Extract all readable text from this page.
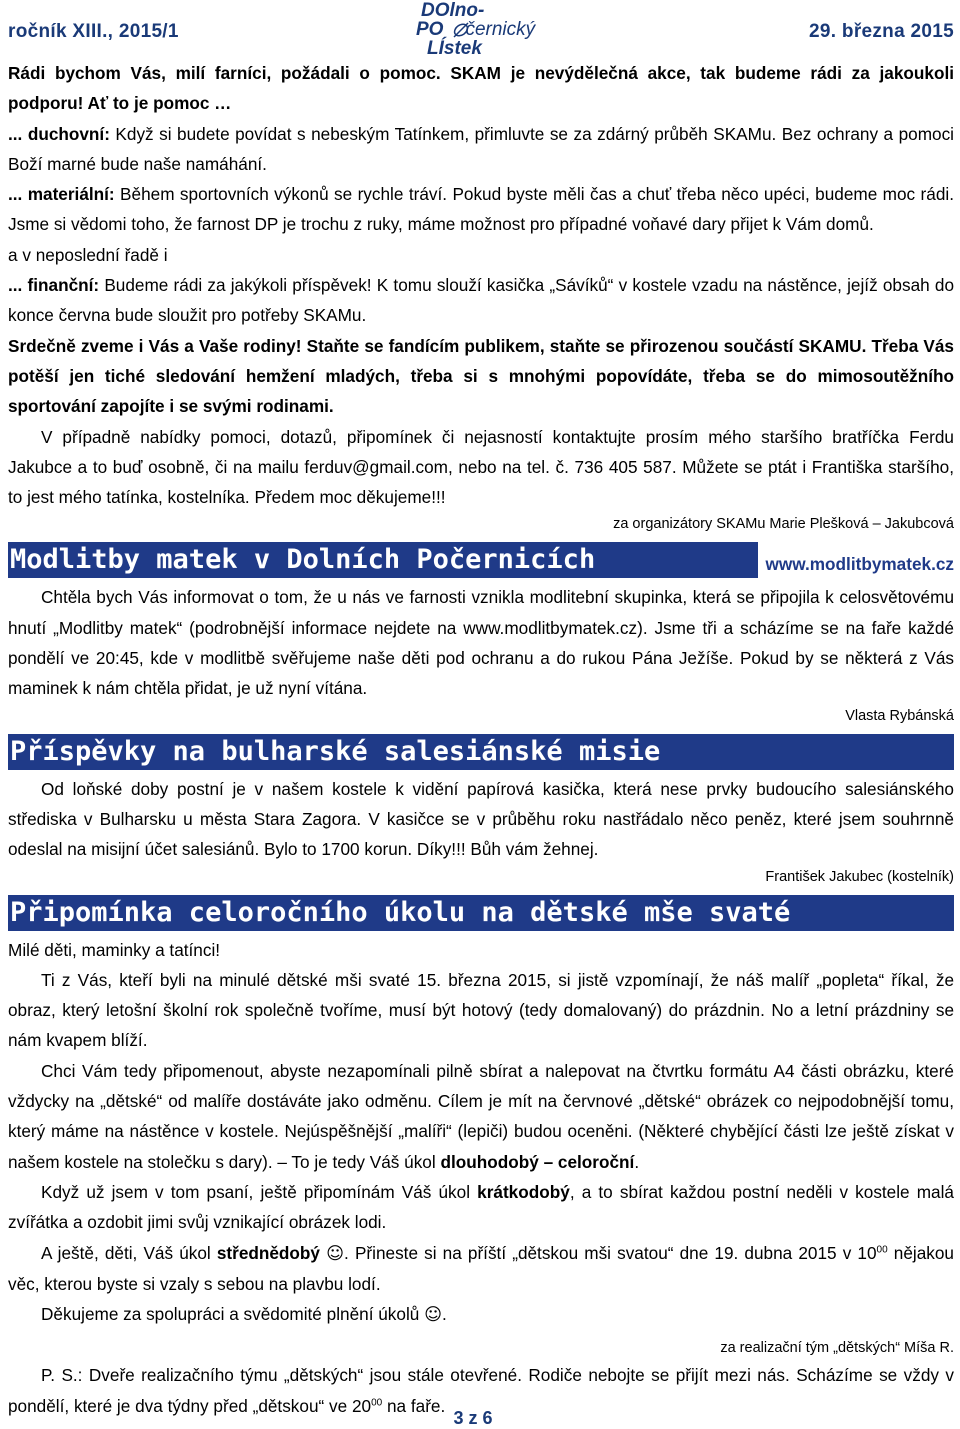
ročník XIII., 2015/1
DOlno-
PO černický
LÍstek
29. března 2015

Rádi bychom Vás, milí farníci, požádali o pomoc. SKAM je nevýdělečná akce, tak budeme rádi za jakoukoli podporu! Ať to je pomoc …

... duchovní: Když si budete povídat s nebeským Tatínkem, přimluvte se za zdárný průběh SKAMu. Bez ochrany a pomoci Boží marné bude naše namáhání.

... materiální: Během sportovních výkonů se rychle tráví. Pokud byste měli čas a chuť třeba něco upéci, budeme moc rádi. Jsme si vědomi toho, že farnost DP je trochu z ruky, máme možnost pro případné voňavé dary přijet k Vám domů.

a v neposlední řadě i

... finanční: Budeme rádi za jakýkoli příspěvek! K tomu slouží kasička „Sávíků“ v kostele vzadu na nástěnce, jejíž obsah do konce června bude sloužit pro potřeby SKAMu.

Srdečně zveme i Vás a Vaše rodiny! Staňte se fandícím publikem, staňte se přirozenou součástí SKAMU. Třeba Vás potěší jen tiché sledování hemžení mladých, třeba si s mnohými popovídáte, třeba se do mimosoutěžního sportování zapojíte i se svými rodinami.

V případně nabídky pomoci, dotazů, připomínek či nejasností kontaktujte prosím mého staršího bratříčka Ferdu Jakubce a to buď osobně, či na mailu ferduv@gmail.com, nebo na tel. č. 736 405 587. Můžete se ptát i Františka staršího, to jest mého tatínka, kostelníka. Předem moc děkujeme!!!

za organizátory SKAMu Marie Plešková – Jakubcová

Modlitby matek v Dolních Počernicích	www.modlitbymatek.cz

Chtěla bych Vás informovat o tom, že u nás ve farnosti vznikla modlitební skupinka, která se připojila k celosvětovému hnutí „Modlitby matek“ (podrobnější informace nejdete na www.modlitbymatek.cz). Jsme tři a scházíme se na faře každé pondělí ve 20:45, kde v modlitbě svěřujeme naše děti pod ochranu a do rukou Pána Ježíše. Pokud by se některá z Vás maminek k nám chtěla přidat, je už nyní vítána.

Vlasta Rybánská

Příspěvky na bulharské salesiánské misie

Od loňské doby postní je v našem kostele k vidění papírová kasička, která nese prvky budoucího salesiánského střediska v Bulharsku u města Stara Zagora. V kasičce se v průběhu roku nastřádalo něco peněz, které jsem souhrnně odeslal na misijní účet salesiánů. Bylo to 1700 korun. Díky!!! Bůh vám žehnej.

František Jakubec (kostelník)

Připomínka celoročního úkolu na dětské mše svaté

Milé děti, maminky a tatínci!

Ti z Vás, kteří byli na minulé dětské mši svaté 15. března 2015, si jistě vzpomínají, že náš malíř „popleta“ říkal, že obraz, který letošní školní rok společně tvoříme, musí být hotový (tedy domalovaný) do prázdnin. No a letní prázdniny se nám kvapem blíží.

Chci Vám tedy připomenout, abyste nezapomínali pilně sbírat a nalepovat na čtvrtku formátu A4 části obrázku, které vždycky na „dětské“ od malíře dostáváte jako odměnu. Cílem je mít na červnové „dětské“ obrázek co nejpodobnější tomu, který máme na nástěnce v kostele. Nejúspěšnější „malíři“ (lepiči) budou oceněni. (Některé chybějící části lze ještě získat v našem kostele na stolečku s dary). – To je tedy Váš úkol dlouhodobý – celoroční.

Když už jsem v tom psaní, ještě připomínám Váš úkol krátkodobý, a to sbírat každou postní neděli v kostele malá zvířátka a ozdobit jimi svůj vznikající obrázek lodi.

A ještě, děti, Váš úkol střednědobý ☺. Přineste si na příští „dětskou mši svatou“ dne 19. dubna 2015 v $10^{00}$ nějakou věc, kterou byste si vzaly s sebou na plavbu lodí.

Děkujeme za spolupráci a svědomité plnění úkolů ☺.

za realizační tým „dětských“ Míša R.

P. S.: Dveře realizačního týmu „dětských“ jsou stále otevřené. Rodiče nebojte se přijít mezi nás. Scházíme se vždy v pondělí, které je dva týdny před „dětskou“ ve $20^{00}$ na faře.

3 z 6
